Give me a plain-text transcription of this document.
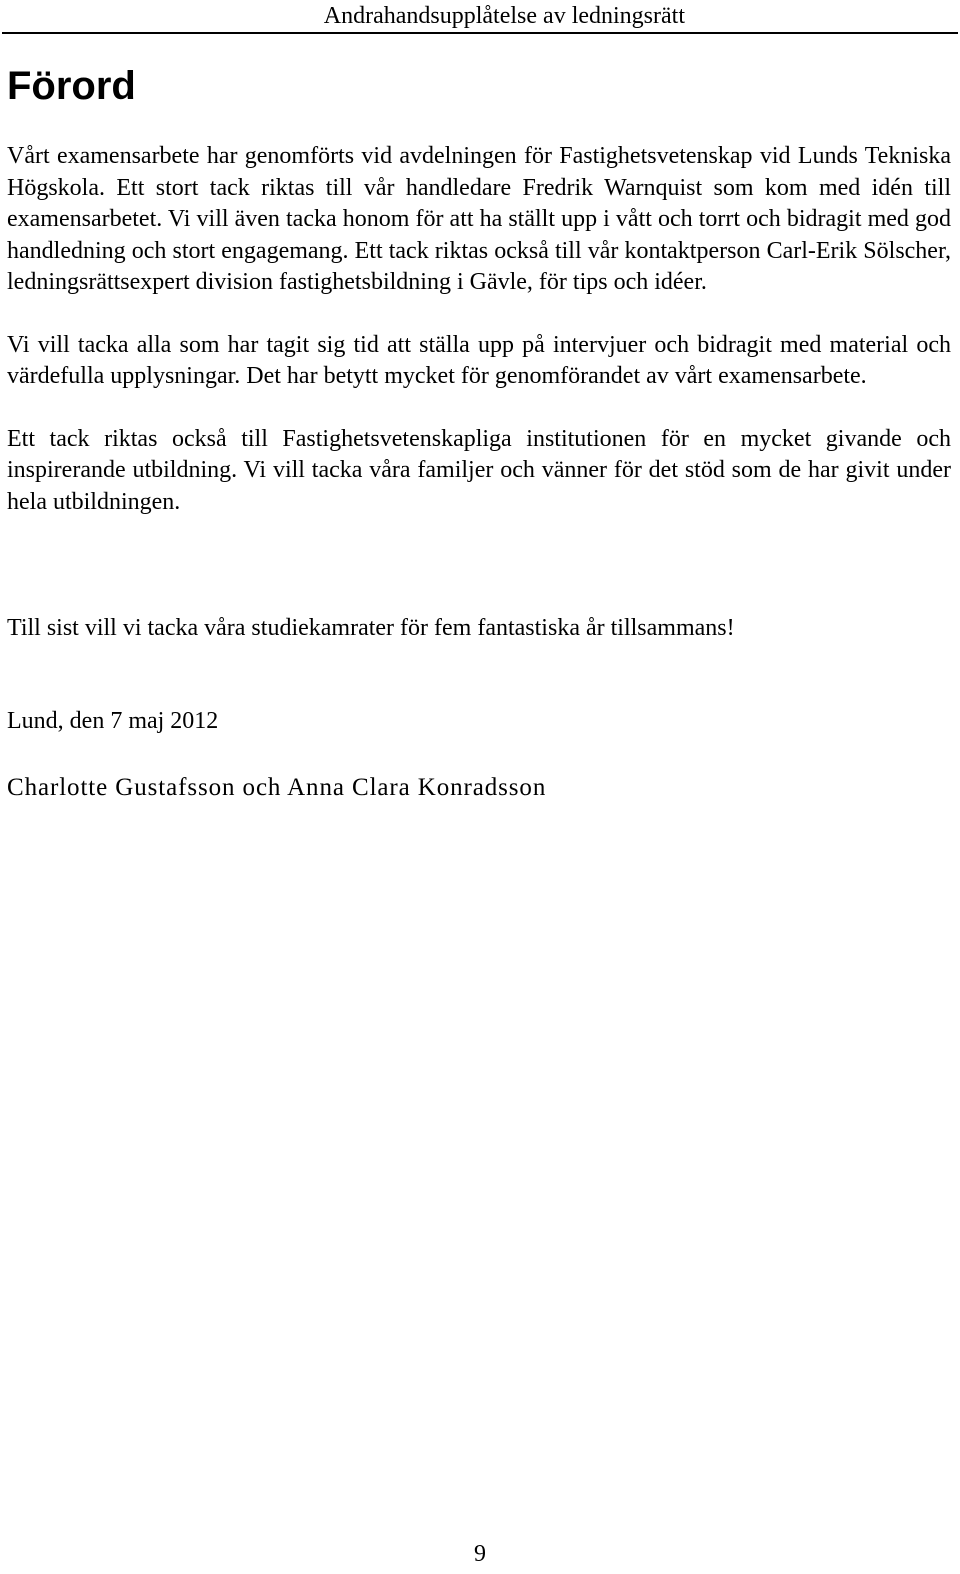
Andrahandsupplåtelse av ledningsrätt
Förord

Vårt examensarbete har genomförts vid avdelningen för Fastighetsvetenskap vid Lunds Tekniska Högskola. Ett stort tack riktas till vår handledare Fredrik Warnquist som kom med idén till examensarbetet. Vi vill även tacka honom för att ha ställt upp i vått och torrt och bidragit med god handledning och stort engagemang. Ett tack riktas också till vår kontaktperson Carl-Erik Sölscher, ledningsrättsexpert division fastighetsbildning i Gävle, för tips och idéer.

Vi vill tacka alla som har tagit sig tid att ställa upp på intervjuer och bidragit med material och värdefulla upplysningar. Det har betytt mycket för genomförandet av vårt examensarbete.

Ett tack riktas också till Fastighetsvetenskapliga institutionen för en mycket givande och inspirerande utbildning. Vi vill tacka våra familjer och vänner för det stöd som de har givit under hela utbildningen.

Till sist vill vi tacka våra studiekamrater för fem fantastiska år tillsammans!

Lund, den 7 maj 2012

Charlotte Gustafsson och Anna Clara Konradsson

9
